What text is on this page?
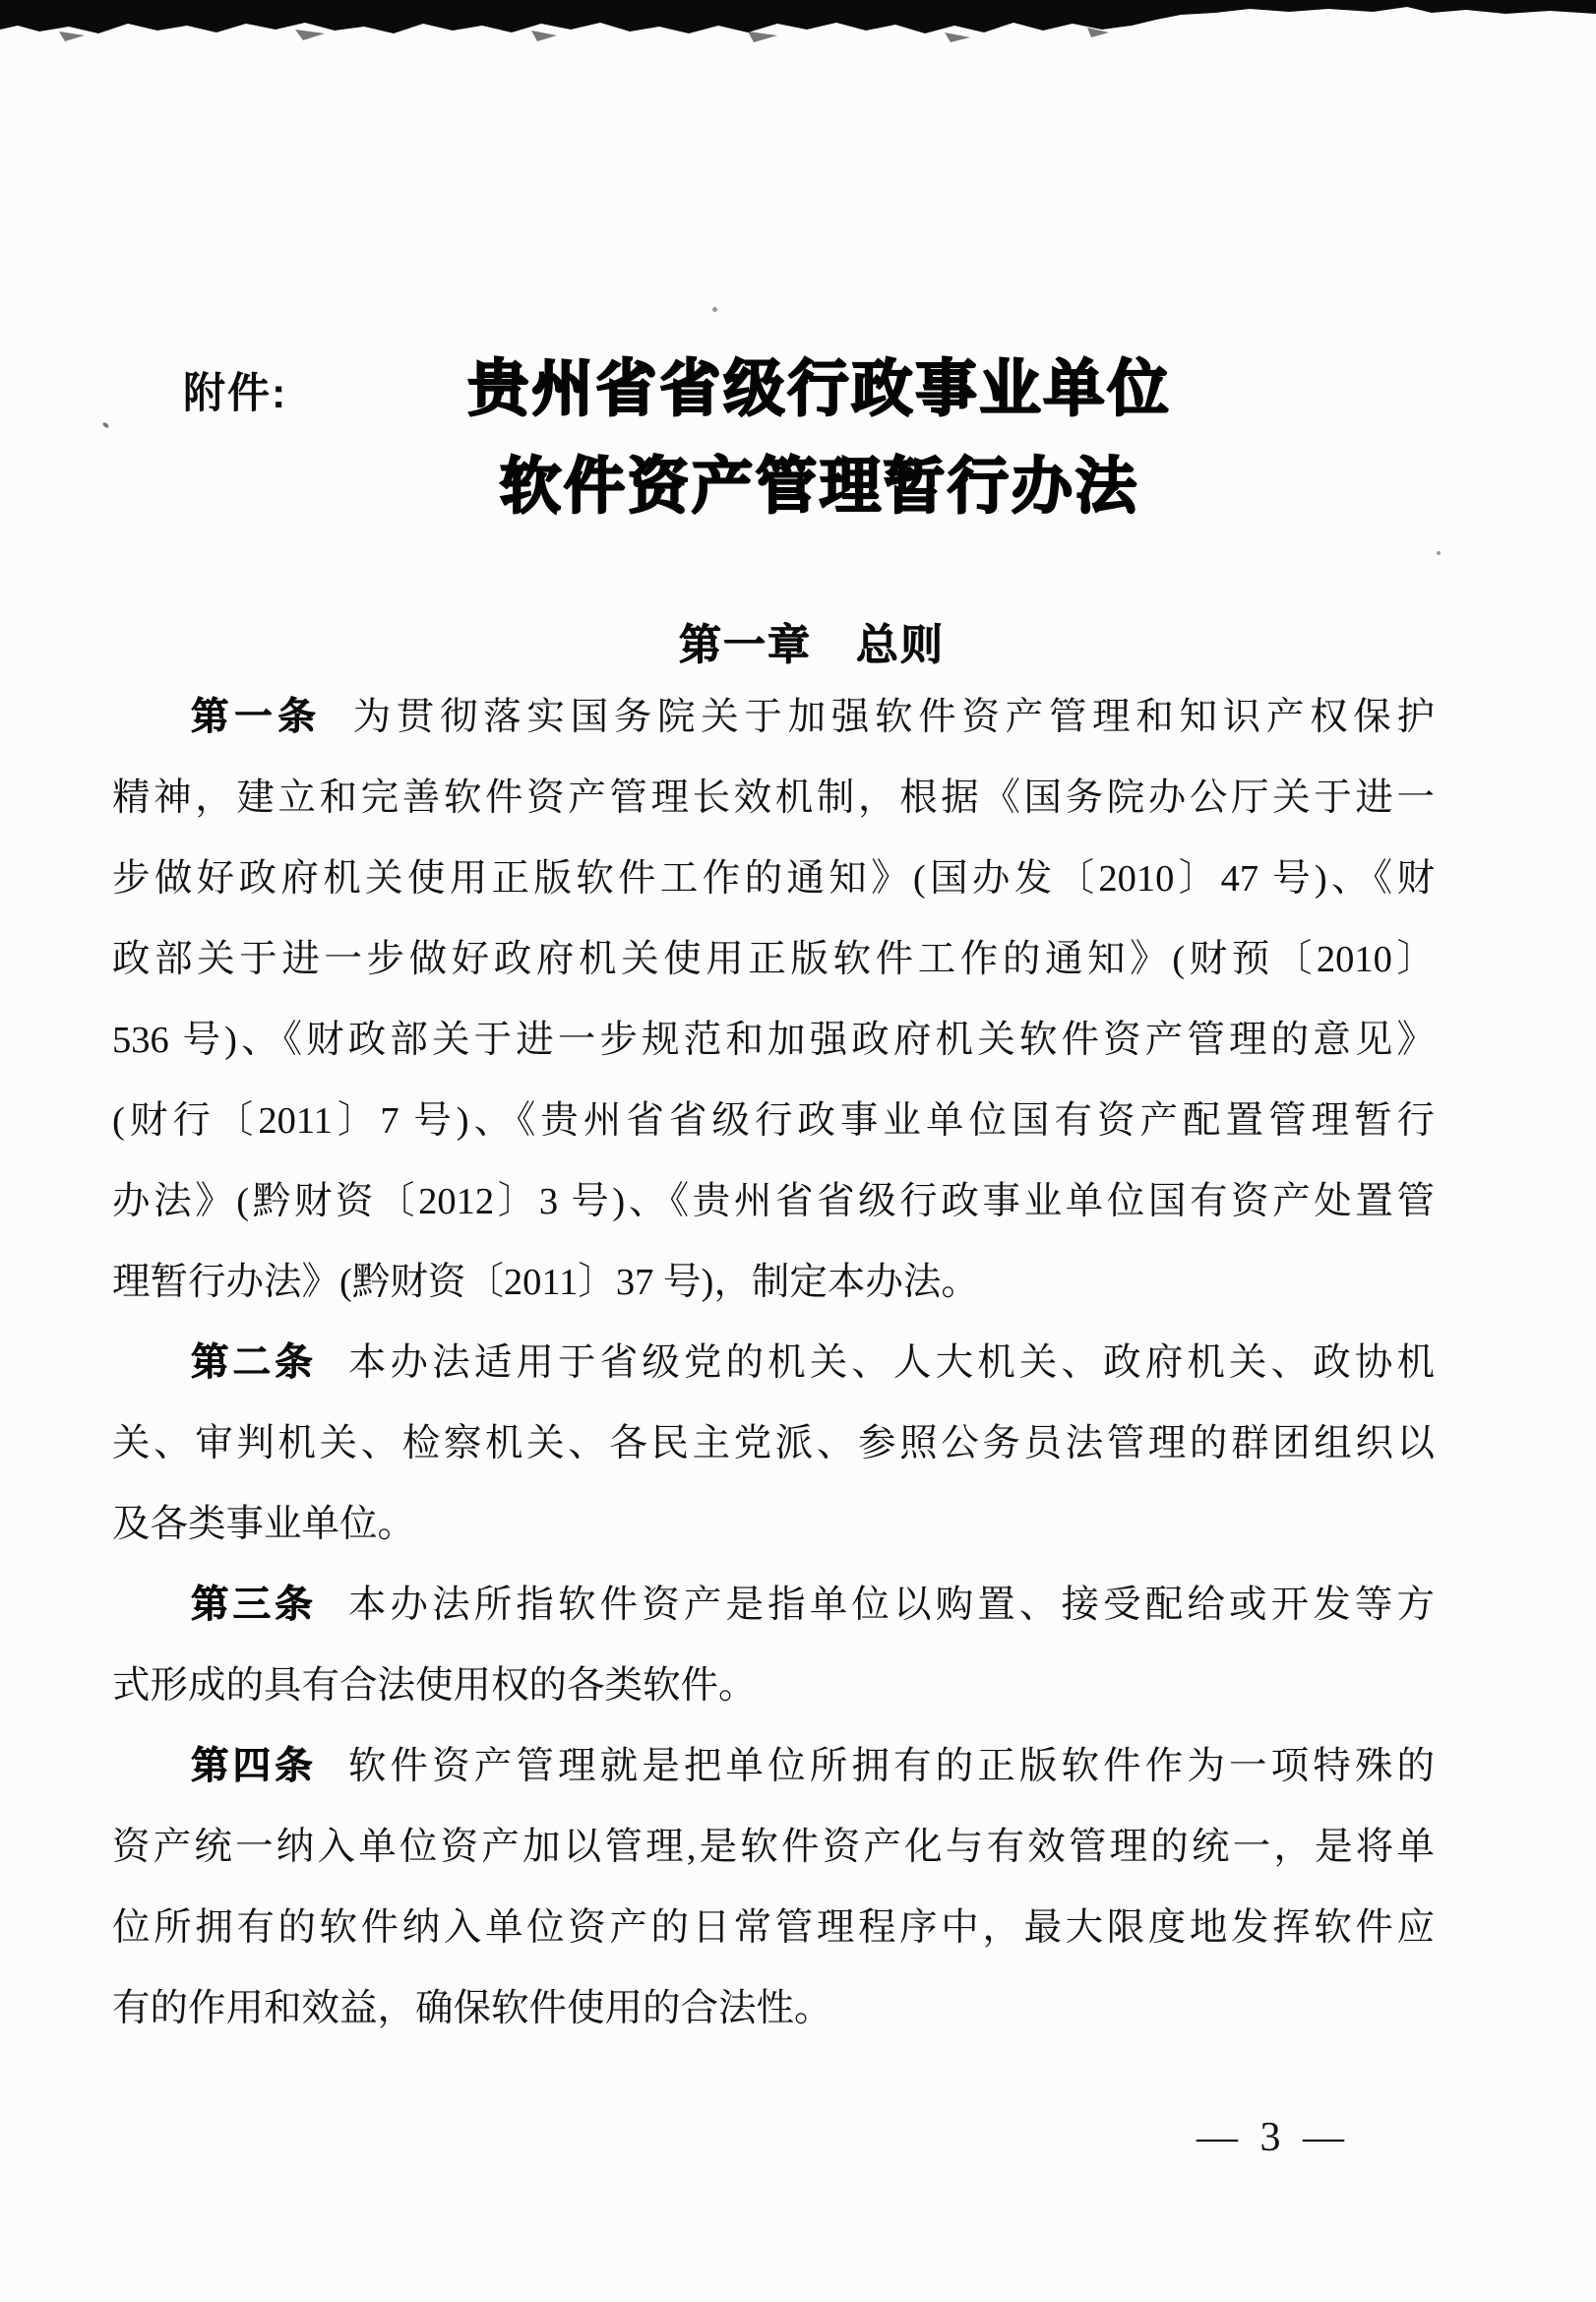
附件:	贵州省省级行政事业单位
软件资产管理暂行办法
第一章　总则
第一条 为贯彻落实国务院关于加强软件资产管理和知识产权保护
精神，建立和完善软件资产管理长效机制，根据《国务院办公厅关于进一
步做好政府机关使用正版软件工作的通知》(国办发〔2010〕47 号)、《财
政部关于进一步做好政府机关使用正版软件工作的通知》(财预〔2010〕
536 号)、《财政部关于进一步规范和加强政府机关软件资产管理的意见》
(财行〔2011〕7 号)、《贵州省省级行政事业单位国有资产配置管理暂行
办法》(黔财资〔2012〕3 号)、《贵州省省级行政事业单位国有资产处置管
理暂行办法》(黔财资〔2011〕37 号)，制定本办法。
第二条 本办法适用于省级党的机关、人大机关、政府机关、政协机
关、审判机关、检察机关、各民主党派、参照公务员法管理的群团组织以
及各类事业单位。
第三条 本办法所指软件资产是指单位以购置、接受配给或开发等方
式形成的具有合法使用权的各类软件。
第四条 软件资产管理就是把单位所拥有的正版软件作为一项特殊的
资产统一纳入单位资产加以管理,是软件资产化与有效管理的统一，是将单
位所拥有的软件纳入单位资产的日常管理程序中，最大限度地发挥软件应
有的作用和效益，确保软件使用的合法性。
— 3 —
